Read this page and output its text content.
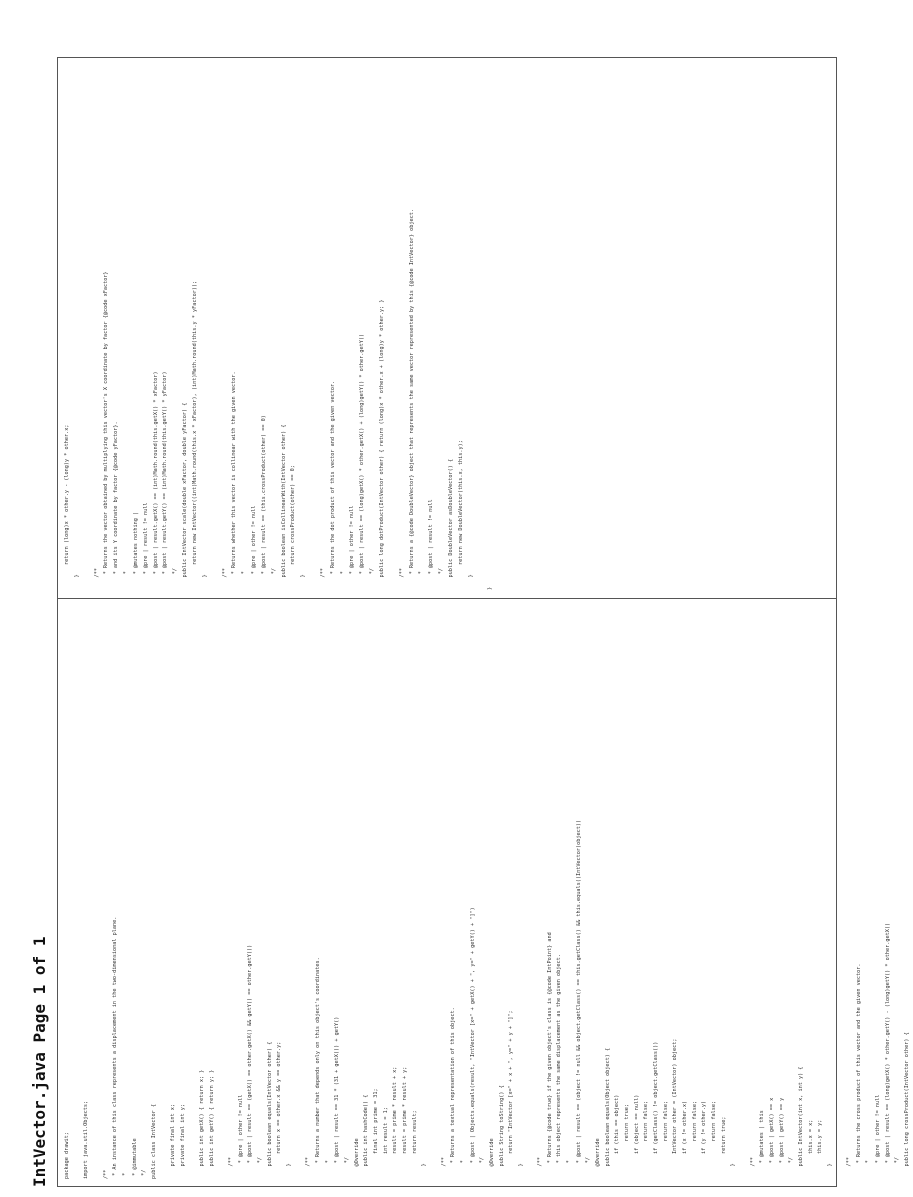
IntVector.java Page 1 of 1	package drawit;
	import java.util.Objects;
	/** * An instance of this class represents a displacement in the two-dimensional plane. * * @immutable */ public class IntVector {
	private final int x; private final int y;
	public int getX() { return x; } public int getY() { return y; }
	/** * @pre | other != null * @post | result == (getX() == other.getX() && getY() == other.getY()) */ public boolean equals(IntVector other) { return x == other.x && y == other.y; }
	/** * Returns a number that depends only on this object's coordinates. * * @post | result == 31 * (31 + getX()) + getY() */ @Override public int hashCode() { final int prime = 31; int result = 1; result = prime * result + x; result = prime * result + y; return result; }
	/** * Returns a textual representation of this object. * * @post | Objects.equals(result, "IntVector [x=" + getX() + ", y=" + getY() + "]") */ @Override public String toString() { return "IntVector [x=" + x + ", y=" + y + "]"; }
	/** * Returns {@code true} if the given object's class is {@code IntPoint} and * this object represents the same displacement as the given object. * * @post | result == (object != null && object.getClass() == this.getClass() && this.equals((IntVector)object)) */ @Override public boolean equals(Object object) { if (this == object) return true; if (object == null) return false; if (getClass() != object.getClass()) return false; IntVector other = (IntVector) object; if (x != other.x) return false; if (y != other.y) return false; return true; }
	/** * @mutates | this * @post | getX() == x * @post | getY() == y */ public IntVector(int x, int y) { this.x = x; this.y = y; }
	/** * Returns the cross product of this vector and the given vector. * * @pre | other != null * @post | result == (long)getX() * other.getY() - (long)getY() * other.getX() */ public long crossProduct(IntVector other) {
return (long)x * other.y - (long)y * other.x; }
	/** * Returns the vector obtained by multiplying this vector's X coordinate by factor {@code xFactor} * and its Y coordinate by factor {@code yFactor}. * * @mutates nothing | * @pre | result != null * @post | result.getX() == (int)Math.round(this.getX() * xFactor) * @post | result.getY() == (int)Math.round(this.getY() * yFactor) */ public IntVector scale(double xFactor, double yFactor) { return new IntVector((int)Math.round(this.x * xFactor), (int)Math.round(this.y * yFactor)); }
	/** * Returns whether this vector is collinear with the given vector. * * @pre | other != null * @post | result == (this.crossProduct(other) == 0) */ public boolean isCollinearWith(IntVector other) { return crossProduct(other) == 0; }
	/** * Returns the dot product of this vector and the given vector. * * @pre | other != null * @post | result == (long)getX() * other.getX() + (long)getY() * other.getY() */ public long dotProduct(IntVector other) { return (long)x * other.x + (long)y * other.y; }
	/** * Returns a {@code DoubleVector} object that represents the same vector represented by this {@code IntVector} object. * * @post | result != null */ public DoubleVector asDoubleVector() { return new DoubleVector(this.x, this.y); }
	}
